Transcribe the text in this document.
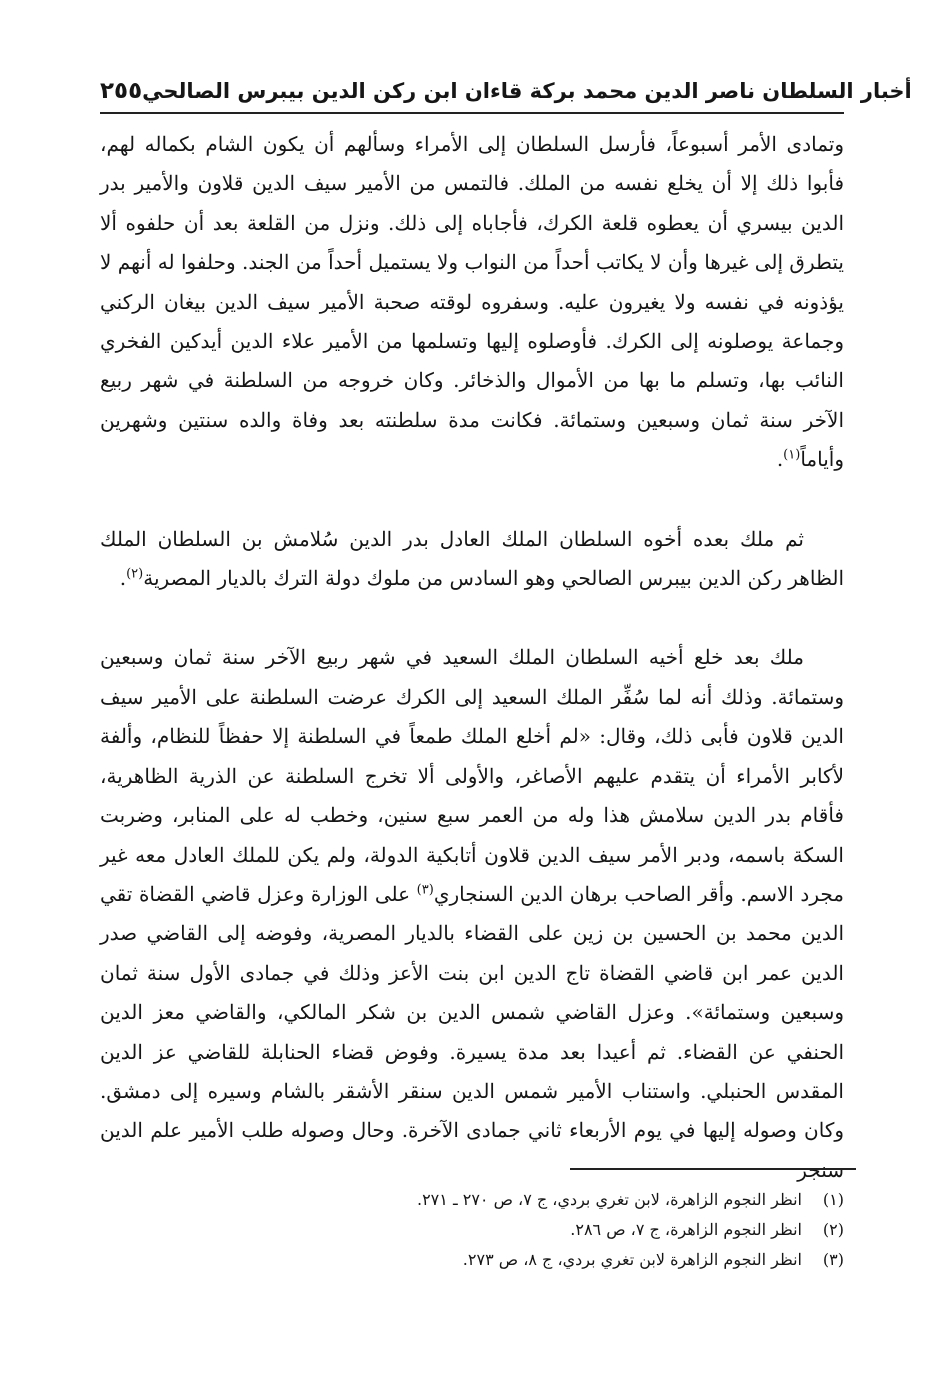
٢٥٥ أخبار السلطان ناصر الدين محمد بركة قاءان ابن ركن الدين بيبرس الصالحي

وتمادى الأمر أسبوعاً، فأرسل السلطان إلى الأمراء وسألهم أن يكون الشام بكماله لهم، فأبوا ذلك إلا أن يخلع نفسه من الملك. فالتمس من الأمير سيف الدين قلاون والأمير بدر الدين بيسري أن يعطوه قلعة الكرك، فأجاباه إلى ذلك. ونزل من القلعة بعد أن حلفوه ألا يتطرق إلى غيرها وأن لا يكاتب أحداً من النواب ولا يستميل أحداً من الجند. وحلفوا له أنهم لا يؤذونه في نفسه ولا يغيرون عليه. وسفروه لوقته صحبة الأمير سيف الدين بيغان الركني وجماعة يوصلونه إلى الكرك. فأوصلوه إليها وتسلمها من الأمير علاء الدين أيدكين الفخري النائب بها، وتسلم ما بها من الأموال والذخائر. وكان خروجه من السلطنة في شهر ربيع الآخر سنة ثمان وسبعين وستمائة. فكانت مدة سلطنته بعد وفاة والده سنتين وشهرين وأياماً$^{(١)}$.

ثم ملك بعده أخوه السلطان الملك العادل بدر الدين سُلامش بن السلطان الملك الظاهر ركن الدين بيبرس الصالحي وهو السادس من ملوك دولة الترك بالديار المصرية$^{(٢)}$.

ملك بعد خلع أخيه السلطان الملك السعيد في شهر ربيع الآخر سنة ثمان وسبعين وستمائة. وذلك أنه لما سُفِّر الملك السعيد إلى الكرك عرضت السلطنة على الأمير سيف الدين قلاون فأبى ذلك، وقال: «لم أخلع الملك طمعاً في السلطنة إلا حفظاً للنظام، وألفة لأكابر الأمراء أن يتقدم عليهم الأصاغر، والأولى ألا تخرج السلطنة عن الذرية الظاهرية، فأقام بدر الدين سلامش هذا وله من العمر سبع سنين، وخطب له على المنابر، وضربت السكة باسمه، ودبر الأمر سيف الدين قلاون أتابكية الدولة، ولم يكن للملك العادل معه غير مجرد الاسم. وأقر الصاحب برهان الدين السنجاري$^{(٣)}$ على الوزارة وعزل قاضي القضاة تقي الدين محمد بن الحسين بن زين على القضاء بالديار المصرية، وفوضه إلى القاضي صدر الدين عمر ابن قاضي القضاة تاج الدين ابن بنت الأعز وذلك في جمادى الأول سنة ثمان وسبعين وستمائة». وعزل القاضي شمس الدين بن شكر المالكي، والقاضي معز الدين الحنفي عن القضاء. ثم أعيدا بعد مدة يسيرة. وفوض قضاء الحنابلة للقاضي عز الدين المقدس الحنبلي. واستناب الأمير شمس الدين سنقر الأشقر بالشام وسيره إلى دمشق. وكان وصوله إليها في يوم الأربعاء ثاني جمادى الآخرة. وحال وصوله طلب الأمير علم الدين سنجر

(١)
انظر النجوم الزاهرة، لابن تغري بردي، ج ٧، ص ٢٧٠ ـ ٢٧١.
(٢)
انظر النجوم الزاهرة، ج ٧، ص ٢٨٦.
(٣)
انظر النجوم الزاهرة لابن تغري بردي، ج ٨، ص ٢٧٣.
